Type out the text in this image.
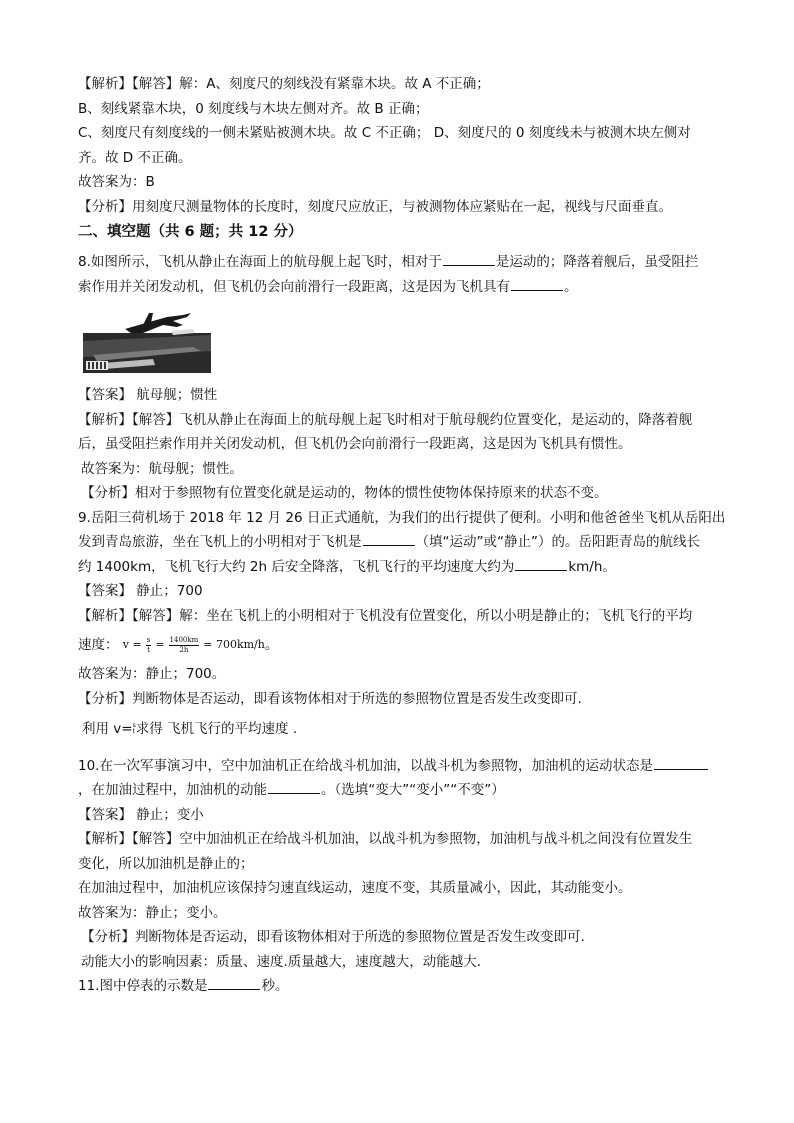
【解析】【解答】解：A、刻度尺的刻线没有紧靠木块。故 A 不正确；
B、刻线紧靠木块，0 刻度线与木块左侧对齐。故 B 正确；
C、刻度尺有刻度线的一侧未紧贴被测木块。故 C 不正确； D、刻度尺的 0 刻度线未与被测木块左侧对
齐。故 D 不正确。
故答案为：B
【分析】用刻度尺测量物体的长度时，刻度尺应放正，与被测物体应紧贴在一起，视线与尺面垂直。
二、填空题（共 6 题；共 12 分）
8.如图所示，飞机从静止在海面上的航母舰上起飞时，相对于	是运动的；降落着舰后，虽受阻拦
索作用并关闭发动机，但飞机仍会向前滑行一段距离，这是因为飞机具有	。
【答案】 航母舰；惯性
【解析】【解答】飞机从静止在海面上的航母舰上起飞时相对于航母舰约位置变化，是运动的，降落着舰
后，虽受阻拦索作用并关闭发动机，但飞机仍会向前滑行一段距离，这是因为飞机具有惯性。
故答案为：航母舰；惯性。
【分析】相对于参照物有位置变化就是运动的，物体的惯性使物体保持原来的状态不变。
9.岳阳三荷机场于 2018 年 12 月 26 日正式通航，为我们的出行提供了便利。小明和他爸爸坐飞机从岳阳出
发到青岛旅游，坐在飞机上的小明相对于飞机是	（填“运动”或“静止”）的。岳阳距青岛的航线长
约 1400km，飞机飞行大约 2h 后安全降落，飞机飞行的平均速度大约为	km/h。
【答案】 静止；700
【解析】【解答】解：坐在飞机上的小明相对于飞机没有位置变化，所以小明是静止的；飞机飞行的平均
速度： $v = \frac{s}{t} = \frac{1400km}{2h} = 700km/h$ 。
故答案为：静止；700。
【分析】判断物体是否运动，即看该物体相对于所选的参照物位置是否发生改变即可.
利用 v= s
t 求得 飞机飞行的平均速度 .
10.在一次军事演习中，空中加油机正在给战斗机加油，以战斗机为参照物，加油机的运动状态是
，在加油过程中，加油机的动能	。（选填“变大”“变小”“不变”）
【答案】 静止；变小
【解析】【解答】空中加油机正在给战斗机加油，以战斗机为参照物，加油机与战斗机之间没有位置发生
变化，所以加油机是静止的；
在加油过程中，加油机应该保持匀速直线运动，速度不变，其质量减小，因此，其动能变小。
故答案为：静止；变小。
【分析】判断物体是否运动，即看该物体相对于所选的参照物位置是否发生改变即可.
动能大小的影响因素：质量、速度.质量越大，速度越大，动能越大.
11.图中停表的示数是	秒。
